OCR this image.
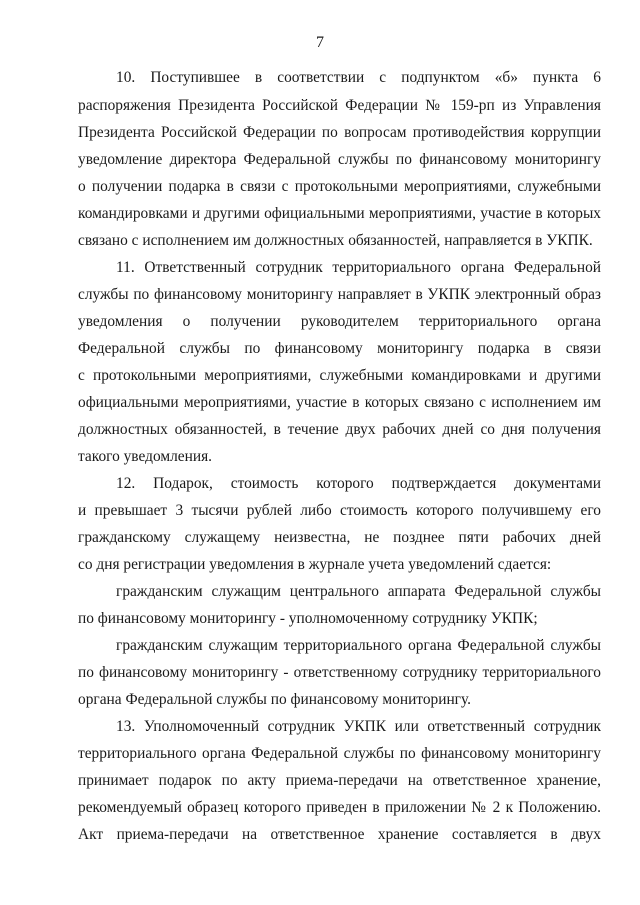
7
10. Поступившее в соответствии с подпунктом «б» пункта 6
распоряжения Президента Российской Федерации № 159-рп из Управления
Президента Российской Федерации по вопросам противодействия коррупции
уведомление директора Федеральной службы по финансовому мониторингу
о получении подарка в связи с протокольными мероприятиями, служебными
командировками и другими официальными мероприятиями, участие в которых
связано с исполнением им должностных обязанностей, направляется в УКПК.
11. Ответственный сотрудник территориального органа Федеральной
службы по финансовому мониторингу направляет в УКПК электронный образ
уведомления о получении руководителем территориального органа
Федеральной службы по финансовому мониторингу подарка в связи
с протокольными мероприятиями, служебными командировками и другими
официальными мероприятиями, участие в которых связано с исполнением им
должностных обязанностей, в течение двух рабочих дней со дня получения
такого уведомления.
12. Подарок, стоимость которого подтверждается документами
и превышает 3 тысячи рублей либо стоимость которого получившему его
гражданскому служащему неизвестна, не позднее пяти рабочих дней
со дня регистрации уведомления в журнале учета уведомлений сдается:
гражданским служащим центрального аппарата Федеральной службы
по финансовому мониторингу - уполномоченному сотруднику УКПК;
гражданским служащим территориального органа Федеральной службы
по финансовому мониторингу - ответственному сотруднику территориального
органа Федеральной службы по финансовому мониторингу.
13. Уполномоченный сотрудник УКПК или ответственный сотрудник
территориального органа Федеральной службы по финансовому мониторингу
принимает подарок по акту приема-передачи на ответственное хранение,
рекомендуемый образец которого приведен в приложении № 2 к Положению.
Акт приема-передачи на ответственное хранение составляется в двух
